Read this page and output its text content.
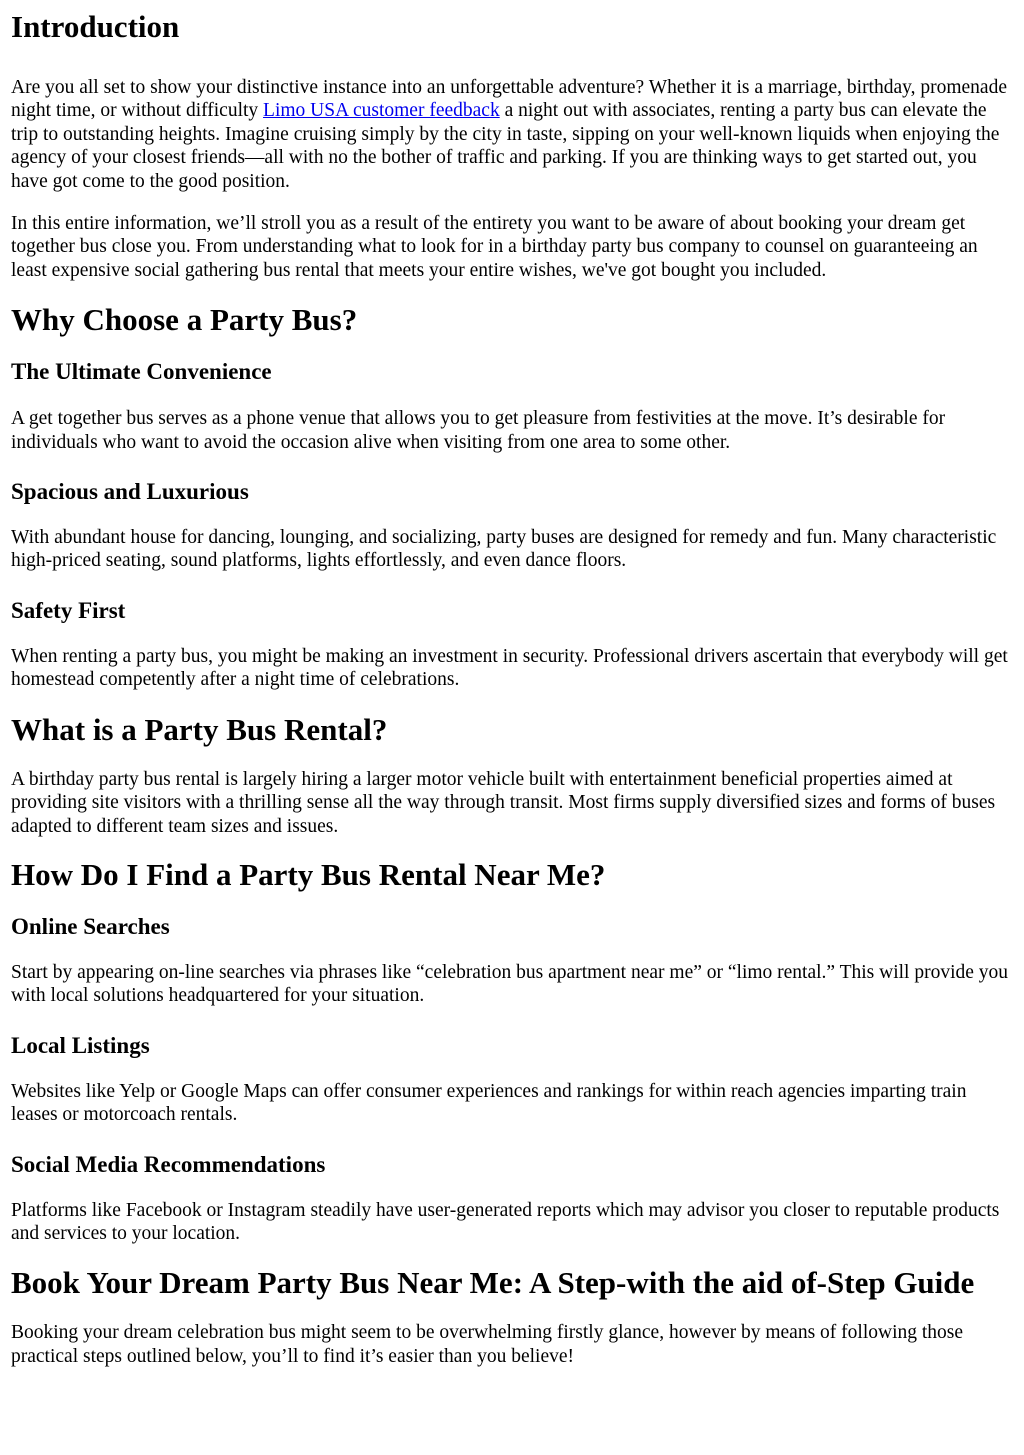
Introduction

Are you all set to show your distinctive instance into an unforgettable adventure? Whether it is a marriage, birthday, promenade night time, or without difficulty Limo USA customer feedback a night out with associates, renting a party bus can elevate the trip to outstanding heights. Imagine cruising simply by the city in taste, sipping on your well-known liquids when enjoying the agency of your closest friends—all with no the bother of traffic and parking. If you are thinking ways to get started out, you have got come to the good position.

In this entire information, we’ll stroll you as a result of the entirety you want to be aware of about booking your dream get together bus close you. From understanding what to look for in a birthday party bus company to counsel on guaranteeing an least expensive social gathering bus rental that meets your entire wishes, we've got bought you included.

Why Choose a Party Bus?
The Ultimate Convenience

A get together bus serves as a phone venue that allows you to get pleasure from festivities at the move. It’s desirable for individuals who want to avoid the occasion alive when visiting from one area to some other.

Spacious and Luxurious

With abundant house for dancing, lounging, and socializing, party buses are designed for remedy and fun. Many characteristic high-priced seating, sound platforms, lights effortlessly, and even dance floors.

Safety First

When renting a party bus, you might be making an investment in security. Professional drivers ascertain that everybody will get homestead competently after a night time of celebrations.

What is a Party Bus Rental?

A birthday party bus rental is largely hiring a larger motor vehicle built with entertainment beneficial properties aimed at providing site visitors with a thrilling sense all the way through transit. Most firms supply diversified sizes and forms of buses adapted to different team sizes and issues.

How Do I Find a Party Bus Rental Near Me?
Online Searches

Start by appearing on-line searches via phrases like “celebration bus apartment near me” or “limo rental.” This will provide you with local solutions headquartered for your situation.

Local Listings

Websites like Yelp or Google Maps can offer consumer experiences and rankings for within reach agencies imparting train leases or motorcoach rentals.

Social Media Recommendations

Platforms like Facebook or Instagram steadily have user-generated reports which may advisor you closer to reputable products and services to your location.

Book Your Dream Party Bus Near Me: A Step-with the aid of-Step Guide

Booking your dream celebration bus might seem to be overwhelming firstly glance, however by means of following those practical steps outlined below, you’ll to find it’s easier than you believe!
